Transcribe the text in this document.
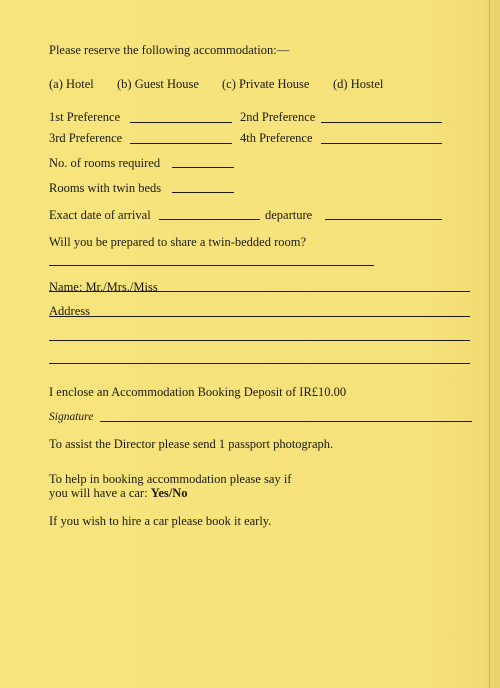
Please reserve the following accommodation:—
(a) Hotel (b) Guest House (c) Private House (d) Hostel
1st Preference	2nd Preference
3rd Preference	4th Preference
No. of rooms required
Rooms with twin beds
Exact date of arrival	departure
Will you be prepared to share a twin-bedded room?
Name: Mr./Mrs./Miss
Address
I enclose an Accommodation Booking Deposit of IR£10.00
Signature
To assist the Director please send 1 passport photograph.
To help in booking accommodation please say if
you will have a car: Yes/No
If you wish to hire a car please book it early.
